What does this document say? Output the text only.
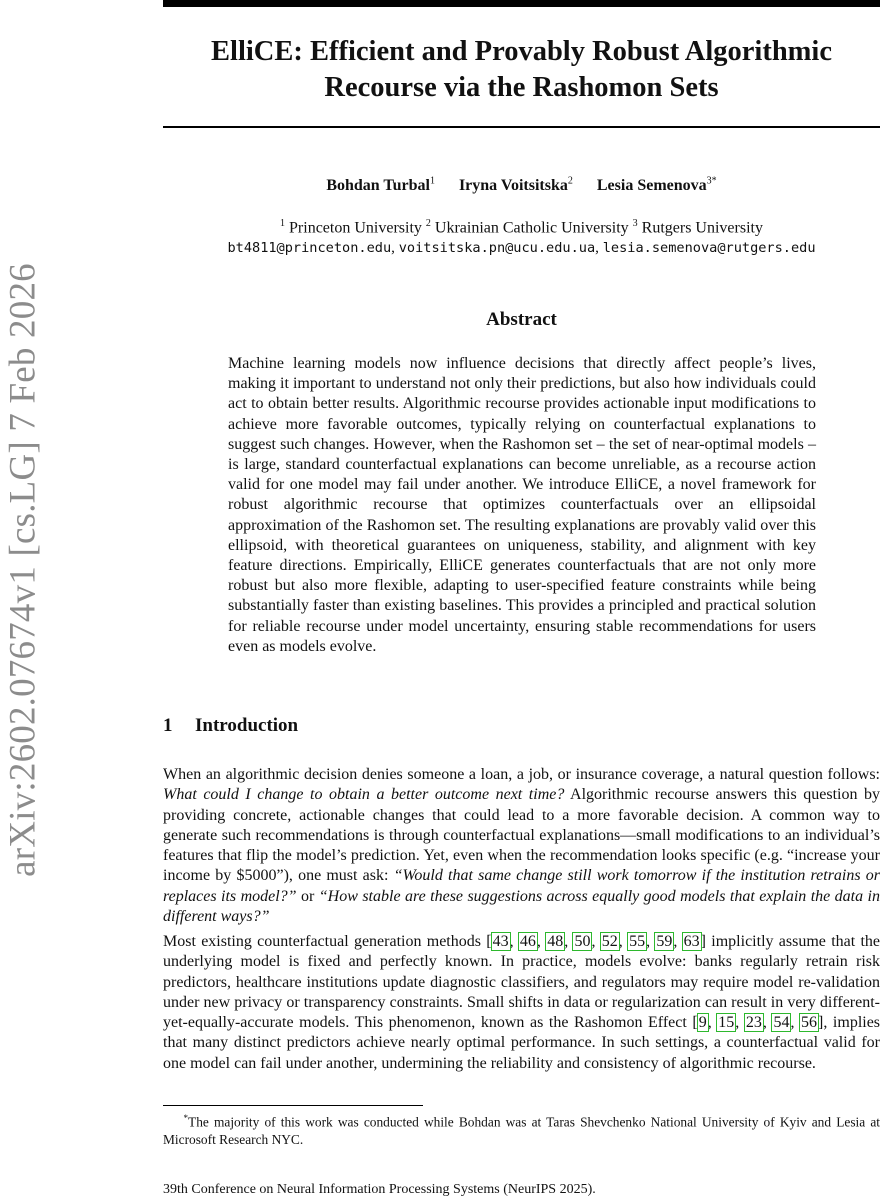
arXiv:2602.07674v1 [cs.LG] 7 Feb 2026
ElliCE: Efficient and Provably Robust Algorithmic
Recourse via the Rashomon Sets
Bohdan Turbal$^1$ Iryna Voitsitska$^2$ Lesia Semenova$^{3*}$
$^1$ Princeton University $^2$ Ukrainian Catholic University $^3$ Rutgers University
bt4811@princeton.edu, voitsitska.pn@ucu.edu.ua, lesia.semenova@rutgers.edu
Abstract
Machine learning models now influence decisions that directly affect people’s lives, making it important to understand not only their predictions, but also how individuals could act to obtain better results. Algorithmic recourse provides actionable input modifications to achieve more favorable outcomes, typically relying on counterfactual explanations to suggest such changes. However, when the Rashomon set – the set of near-optimal models – is large, standard counterfactual explanations can become unreliable, as a recourse action valid for one model may fail under another. We introduce ElliCE, a novel framework for robust algorithmic recourse that optimizes counterfactuals over an ellipsoidal approximation of the Rashomon set. The resulting explanations are provably valid over this ellipsoid, with theoretical guarantees on uniqueness, stability, and alignment with key feature directions. Empirically, ElliCE generates counterfactuals that are not only more robust but also more flexible, adapting to user-specified feature constraints while being substantially faster than existing baselines. This provides a principled and practical solution for reliable recourse under model uncertainty, ensuring stable recommendations for users even as models evolve.
1 Introduction

When an algorithmic decision denies someone a loan, a job, or insurance coverage, a natural question follows: What could I change to obtain a better outcome next time? Algorithmic recourse answers this question by providing concrete, actionable changes that could lead to a more favorable decision. A common way to generate such recommendations is through counterfactual explanations—small modifications to an individual’s features that flip the model’s prediction. Yet, even when the recommendation looks specific (e.g. “increase your income by $5000”), one must ask: “Would that same change still work tomorrow if the institution retrains or replaces its model?” or “How stable are these suggestions across equally good models that explain the data in different ways?”

Most existing counterfactual generation methods [43, 46, 48, 50, 52, 55, 59, 63] implicitly assume that the underlying model is fixed and perfectly known. In practice, models evolve: banks regularly retrain risk predictors, healthcare institutions update diagnostic classifiers, and regulators may require model re-validation under new privacy or transparency constraints. Small shifts in data or regularization can result in very different-yet-equally-accurate models. This phenomenon, known as the Rashomon Effect [9, 15, 23, 54, 56], implies that many distinct predictors achieve nearly optimal performance. In such settings, a counterfactual valid for one model can fail under another, undermining the reliability and consistency of algorithmic recourse.

*The majority of this work was conducted while Bohdan was at Taras Shevchenko National University of Kyiv and Lesia at Microsoft Research NYC.
39th Conference on Neural Information Processing Systems (NeurIPS 2025).
